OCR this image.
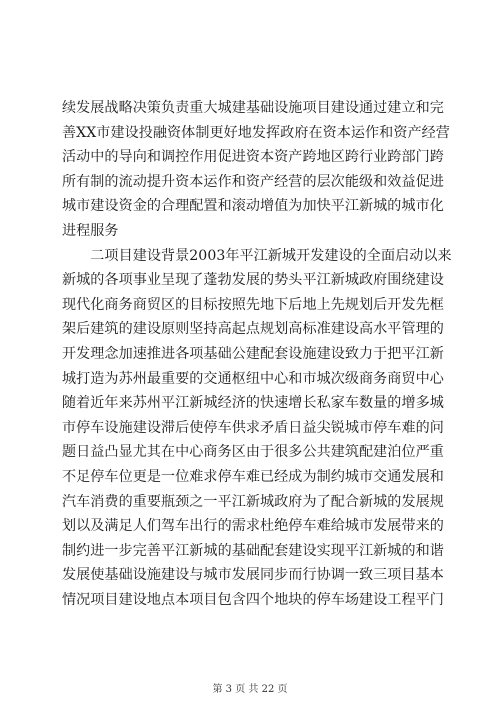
续发展战略决策负责重大城建基础设施项目建设通过建立和完
善XX市建设投融资体制更好地发挥政府在资本运作和资产经营
活动中的导向和调控作用促进资本资产跨地区跨行业跨部门跨
所有制的流动提升资本运作和资产经营的层次能级和效益促进
城市建设资金的合理配置和滚动增值为加快平江新城的城市化
进程服务
　　二项目建设背景2003年平江新城开发建设的全面启动以来
新城的各项事业呈现了蓬勃发展的势头平江新城政府围绕建设
现代化商务商贸区的目标按照先地下后地上先规划后开发先框
架后建筑的建设原则坚持高起点规划高标准建设高水平管理的
开发理念加速推进各项基础公建配套设施建设致力于把平江新
城打造为苏州最重要的交通枢纽中心和市城次级商务商贸中心
随着近年来苏州平江新城经济的快速增长私家车数量的增多城
市停车设施建设滞后使停车供求矛盾日益尖锐城市停车难的问
题日益凸显尤其在中心商务区由于很多公共建筑配建泊位严重
不足停车位更是一位难求停车难已经成为制约城市交通发展和
汽车消费的重要瓶颈之一平江新城政府为了配合新城的发展规
划以及满足人们驾车出行的需求杜绝停车难给城市发展带来的
制约进一步完善平江新城的基础配套建设实现平江新城的和谐
发展使基础设施建设与城市发展同步而行协调一致三项目基本
情况项目建设地点本项目包含四个地块的停车场建设工程平门
第 3 页 共 22 页
